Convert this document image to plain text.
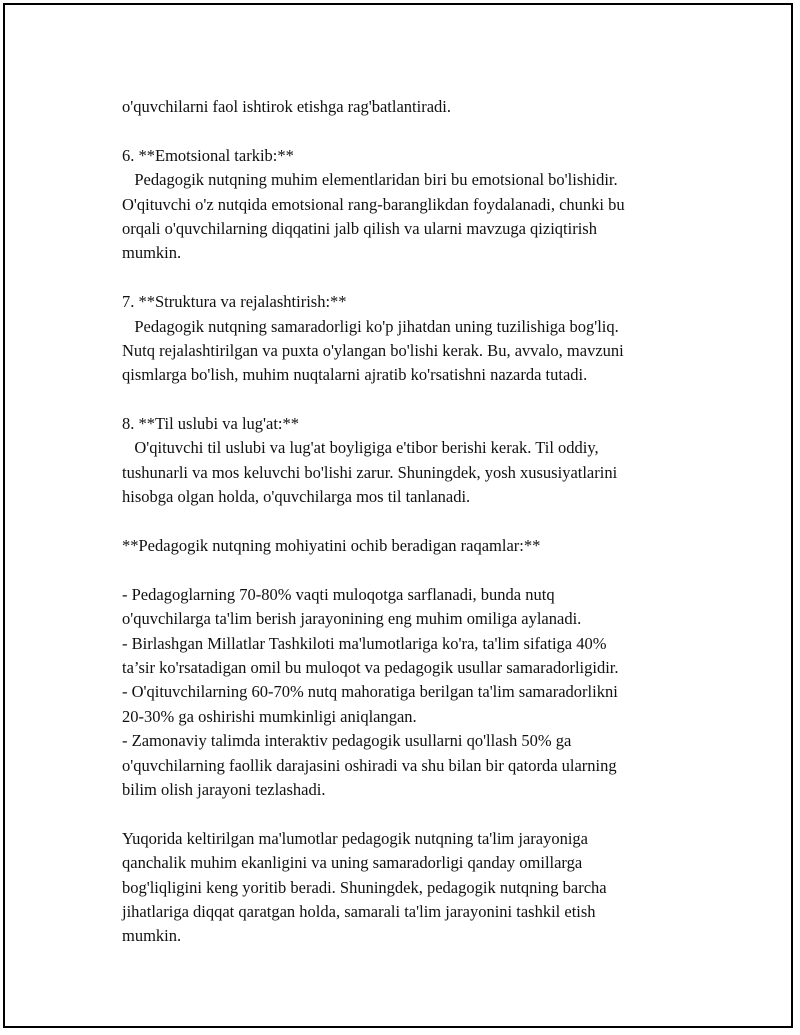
o'quvchilarni faol ishtirok etishga rag'batlantiradi.
6. **Emotsional tarkib:**
Pedagogik nutqning muhim elementlaridan biri bu emotsional bo'lishidir.
O'qituvchi o'z nutqida emotsional rang-baranglikdan foydalanadi, chunki bu
orqali o'quvchilarning diqqatini jalb qilish va ularni mavzuga qiziqtirish
mumkin.
7. **Struktura va rejalashtirish:**
Pedagogik nutqning samaradorligi ko'p jihatdan uning tuzilishiga bog'liq.
Nutq rejalashtirilgan va puxta o'ylangan bo'lishi kerak. Bu, avvalo, mavzuni
qismlarga bo'lish, muhim nuqtalarni ajratib ko'rsatishni nazarda tutadi.
8. **Til uslubi va lug'at:**
O'qituvchi til uslubi va lug'at boyligiga e'tibor berishi kerak. Til oddiy,
tushunarli va mos keluvchi bo'lishi zarur. Shuningdek, yosh xususiyatlarini
hisobga olgan holda, o'quvchilarga mos til tanlanadi.
**Pedagogik nutqning mohiyatini ochib beradigan raqamlar:**
- Pedagoglarning 70-80% vaqti muloqotga sarflanadi, bunda nutq
o'quvchilarga ta'lim berish jarayonining eng muhim omiliga aylanadi.
- Birlashgan Millatlar Tashkiloti ma'lumotlariga ko'ra, ta'lim sifatiga 40%
ta’sir ko'rsatadigan omil bu muloqot va pedagogik usullar samaradorligidir.
- O'qituvchilarning 60-70% nutq mahoratiga berilgan ta'lim samaradorlikni
20-30% ga oshirishi mumkinligi aniqlangan.
- Zamonaviy talimda interaktiv pedagogik usullarni qo'llash 50% ga
o'quvchilarning faollik darajasini oshiradi va shu bilan bir qatorda ularning
bilim olish jarayoni tezlashadi.
Yuqorida keltirilgan ma'lumotlar pedagogik nutqning ta'lim jarayoniga
qanchalik muhim ekanligini va uning samaradorligi qanday omillarga
bog'liqligini keng yoritib beradi. Shuningdek, pedagogik nutqning barcha
jihatlariga diqqat qaratgan holda, samarali ta'lim jarayonini tashkil etish
mumkin.
